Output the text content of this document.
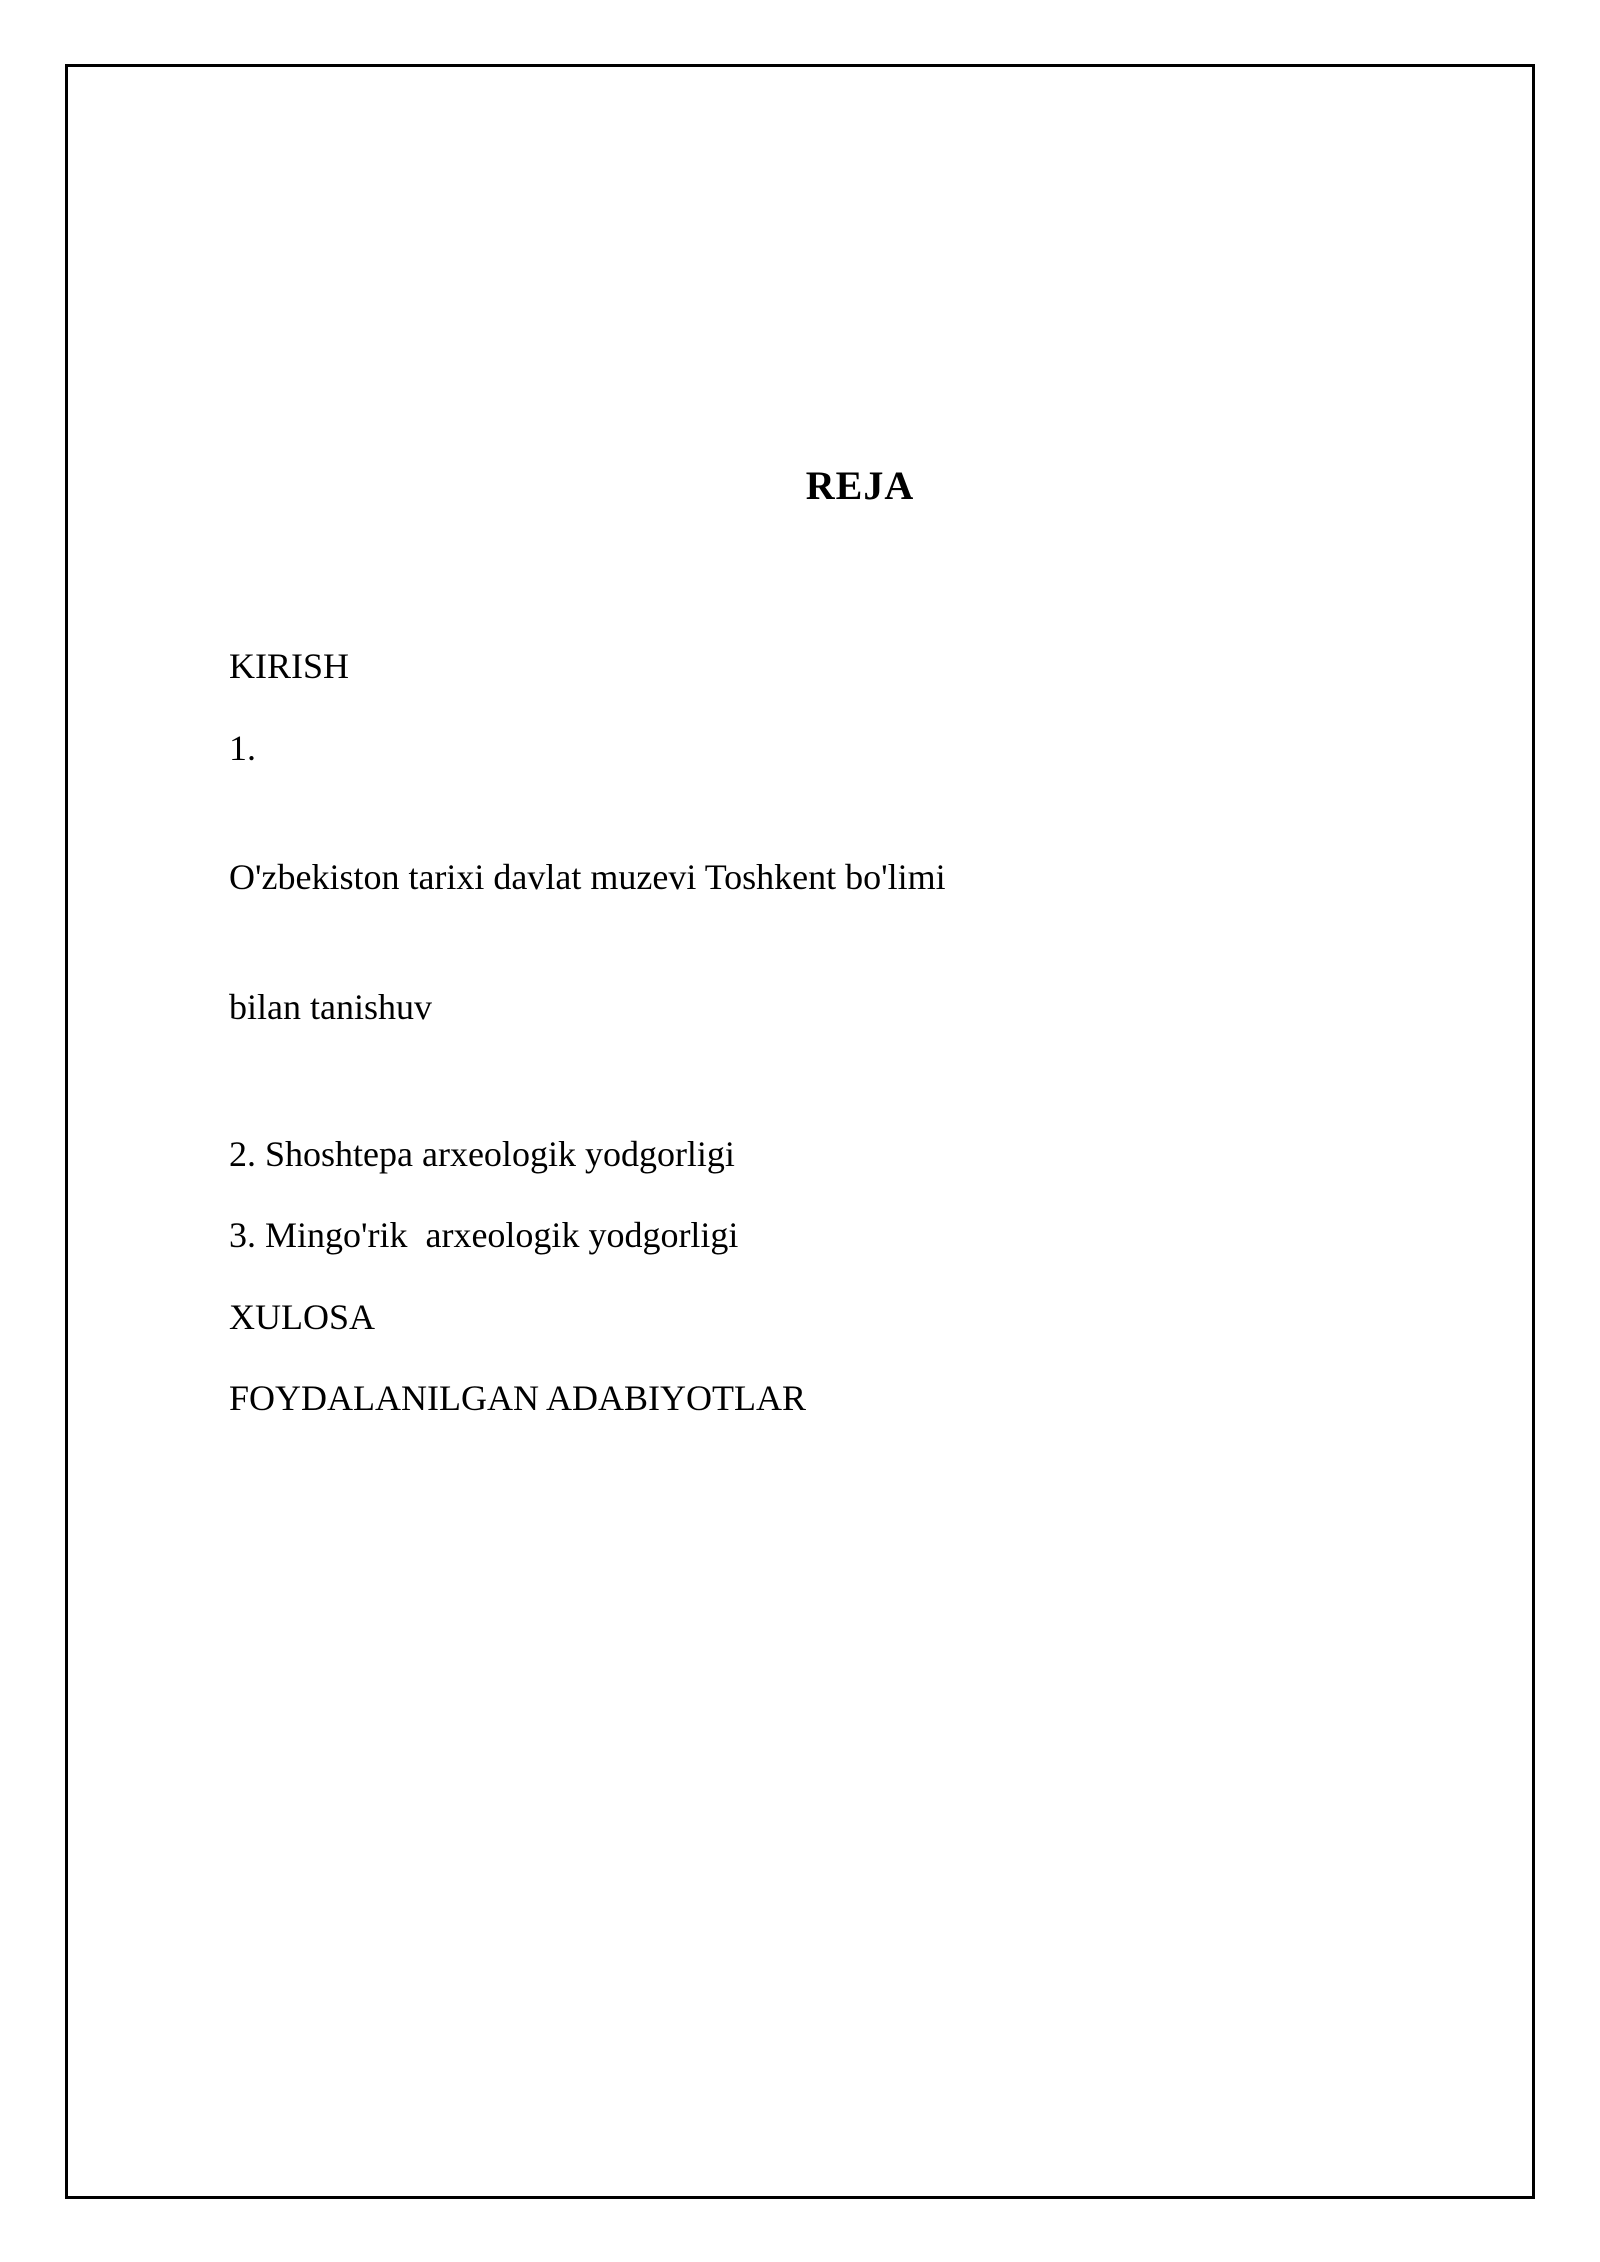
REJA
KIRISH
1.
O'zbekiston tarixi davlat muzevi Toshkent bo'limi
bilan tanishuv
2. Shoshtepa arxeologik yodgorligi
3. Mingo'rik  arxeologik yodgorligi
XULOSA
FOYDALANILGAN ADABIYOTLAR
